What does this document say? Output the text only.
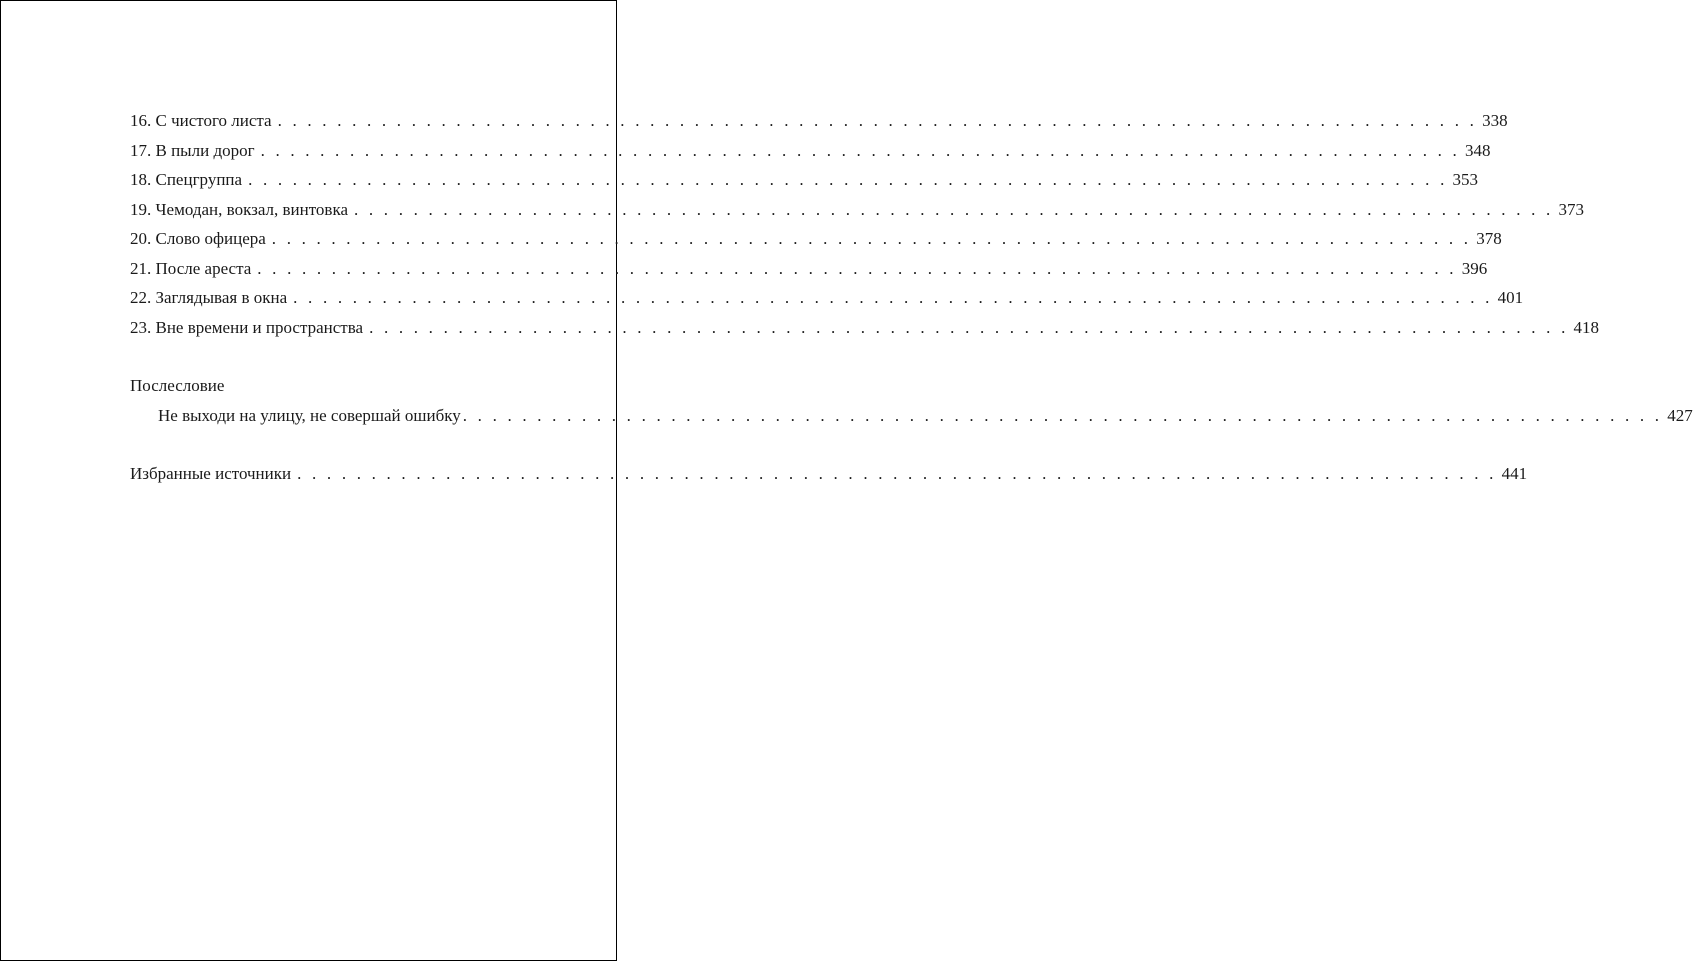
16. С чистого листа . . . . . . . . . . . . . . . . . . . . . . . . . . . . . . . . . . . . . . . . . . . . . . . . . . . . . . . . . . . . . . . . . . . . . . . . . . . . . . . . . 338
17. В пыли дорог . . . . . . . . . . . . . . . . . . . . . . . . . . . . . . . . . . . . . . . . . . . . . . . . . . . . . . . . . . . . . . . . . . . . . . . . . . . . . . . . . 348
18. Спецгруппа . . . . . . . . . . . . . . . . . . . . . . . . . . . . . . . . . . . . . . . . . . . . . . . . . . . . . . . . . . . . . . . . . . . . . . . . . . . . . . . . . 353
19. Чемодан, вокзал, винтовка . . . . . . . . . . . . . . . . . . . . . . . . . . . . . . . . . . . . . . . . . . . . . . . . . . . . . . . . . . . . . . . . . . . . . . . . . . . . . . . . . 373
20. Слово офицера . . . . . . . . . . . . . . . . . . . . . . . . . . . . . . . . . . . . . . . . . . . . . . . . . . . . . . . . . . . . . . . . . . . . . . . . . . . . . . . . . 378
21. После ареста . . . . . . . . . . . . . . . . . . . . . . . . . . . . . . . . . . . . . . . . . . . . . . . . . . . . . . . . . . . . . . . . . . . . . . . . . . . . . . . . . 396
22. Заглядывая в окна . . . . . . . . . . . . . . . . . . . . . . . . . . . . . . . . . . . . . . . . . . . . . . . . . . . . . . . . . . . . . . . . . . . . . . . . . . . . . . . . . 401
23. Вне времени и пространства . . . . . . . . . . . . . . . . . . . . . . . . . . . . . . . . . . . . . . . . . . . . . . . . . . . . . . . . . . . . . . . . . . . . . . . . . . . . . . . . . 418
Послесловие
Не выходи на улицу, не совершай ошибку . . . . . . . . . . . . . . . . . . . . . . . . . . . . . . . . . . . . . . . . . . . . . . . . . . . . . . . . . . . . . . . . . . . . . . . . . . . . . . . . . 427
Избранные источники . . . . . . . . . . . . . . . . . . . . . . . . . . . . . . . . . . . . . . . . . . . . . . . . . . . . . . . . . . . . . . . . . . . . . . . . . . . . . . . . . 441
